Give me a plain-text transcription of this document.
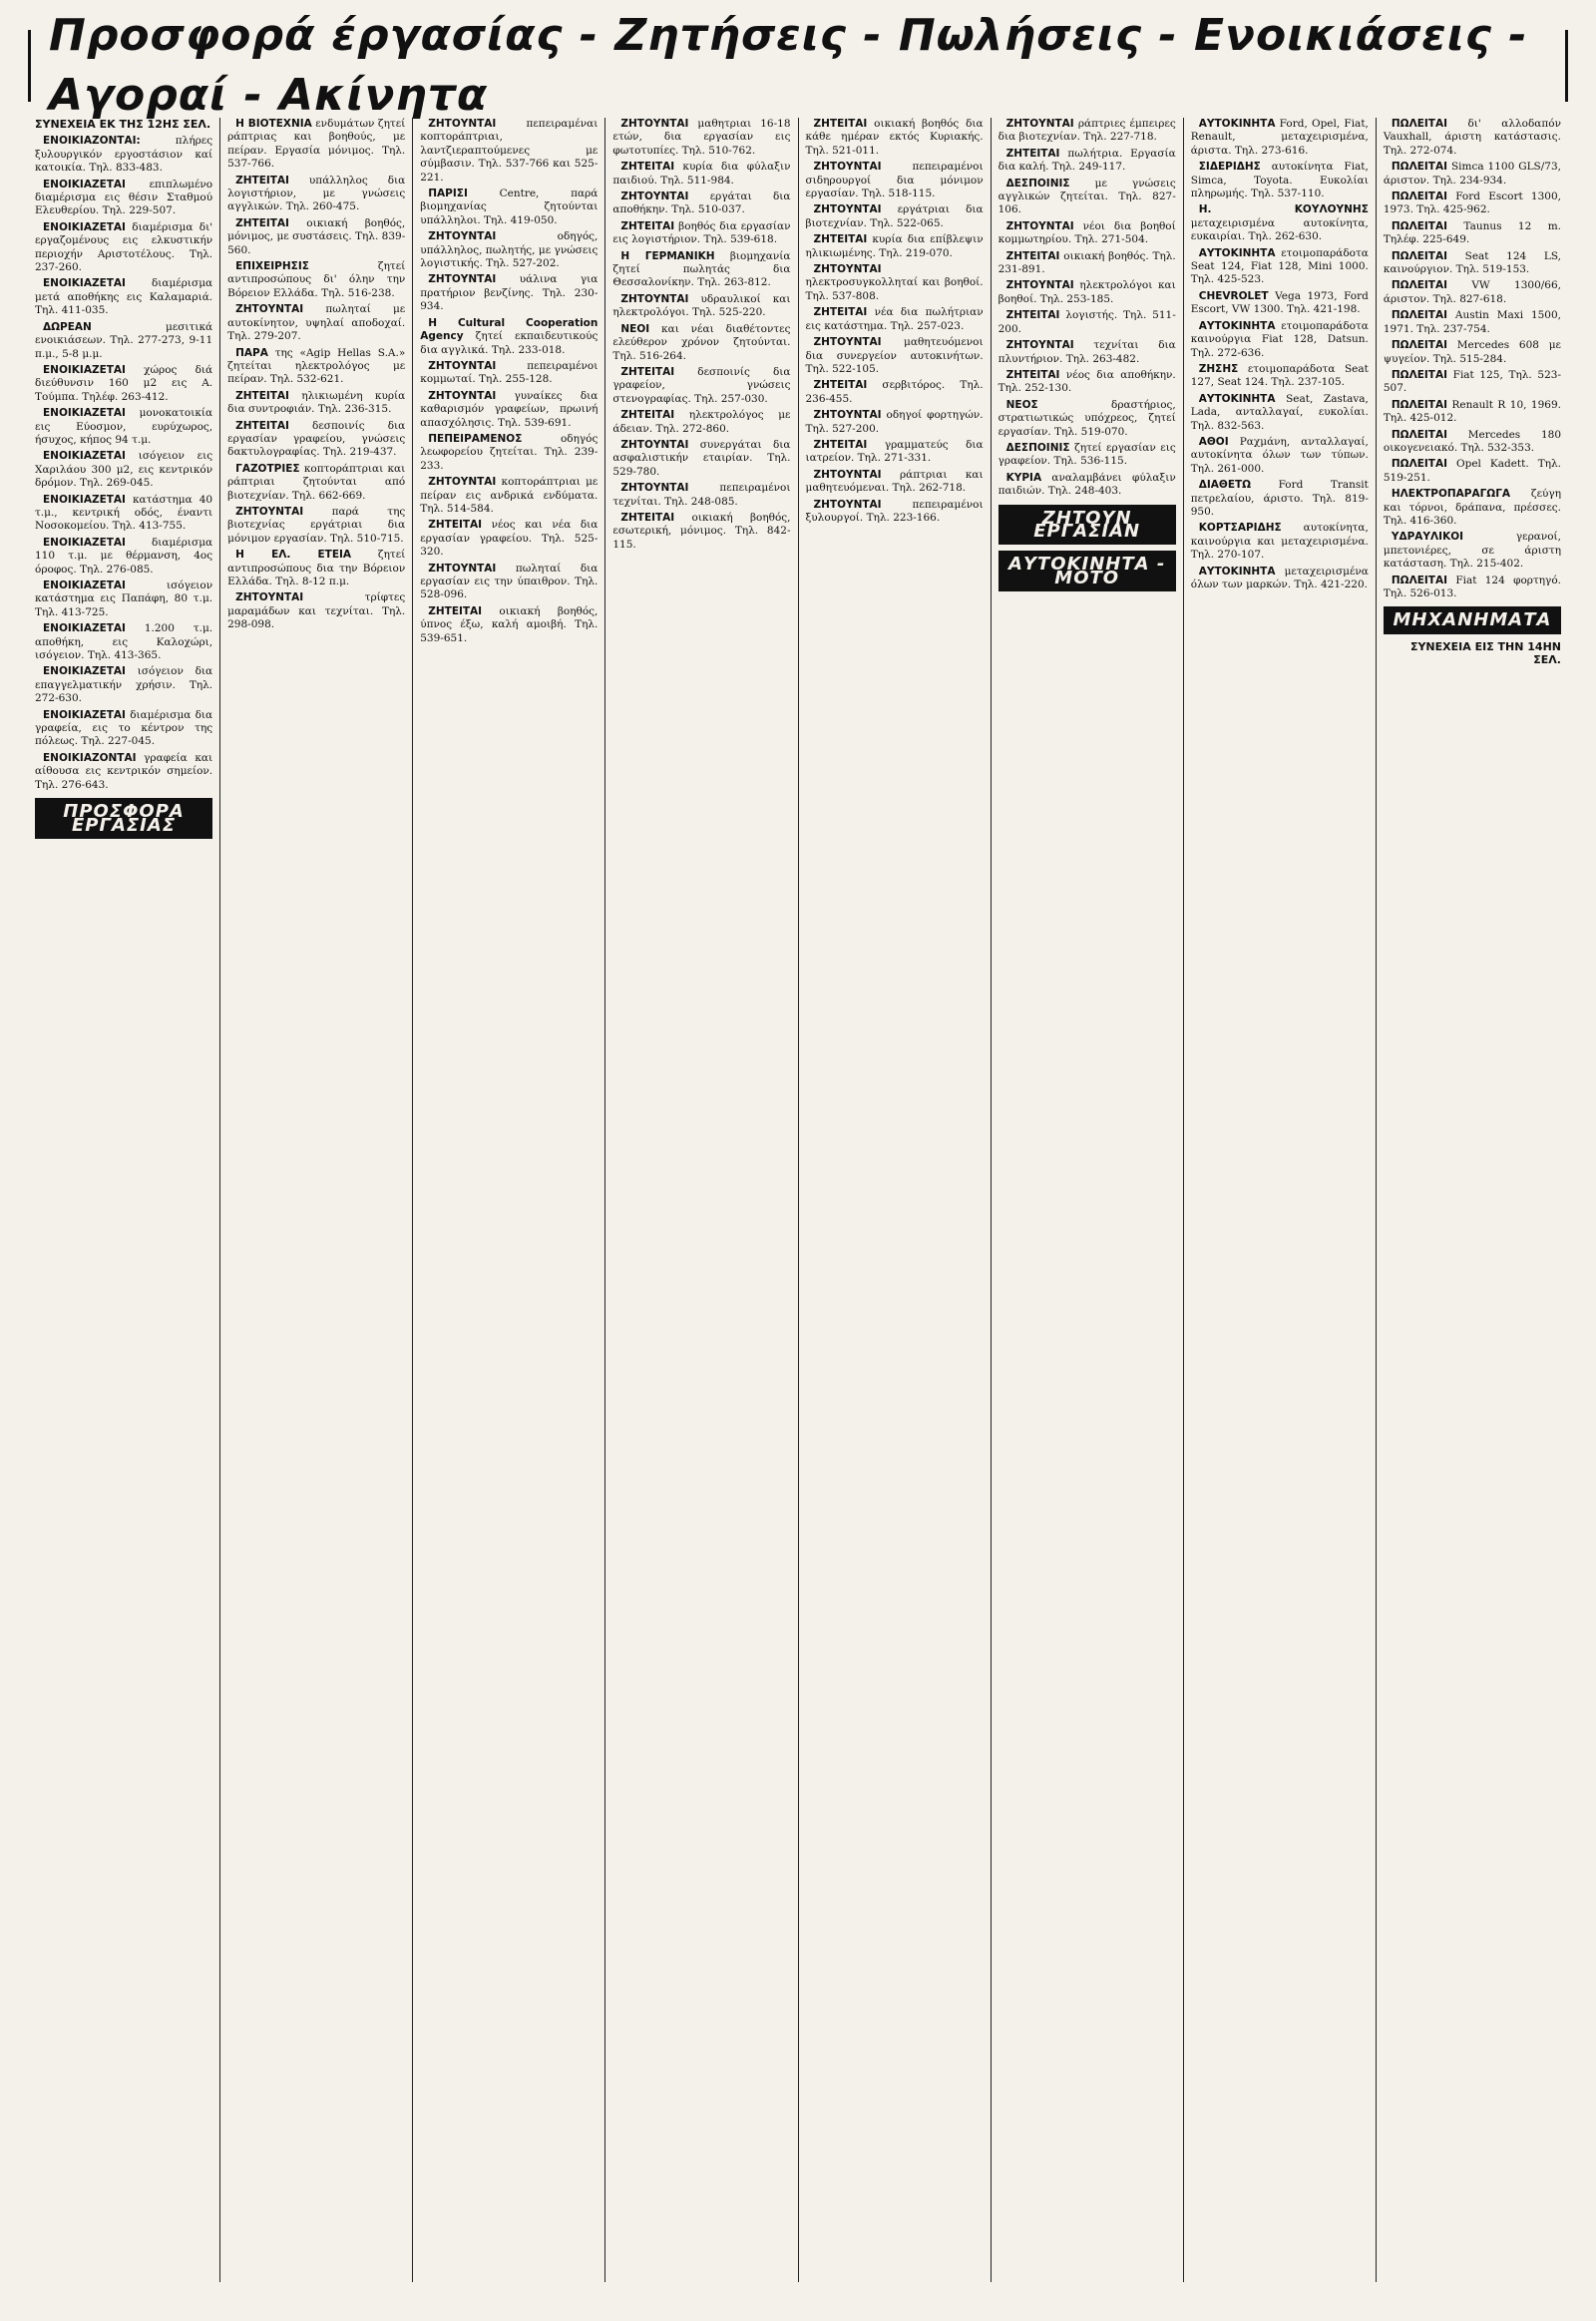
Προσφορά έργασίας - Ζητήσεις - Πωλήσεις - Ενοικιάσεις - Αγοραί - Ακίνητα
ΣΥΝΕΧΕΙΑ ΕΚ ΤΗΣ 12ΗΣ ΣΕΛ.

ΕΝΟΙΚΙΑΖΟΝΤΑΙ: πλήρες ξυλουργικόν εργοστάσιον καί κατοικία. Τηλ. 833-483.

ΕΝΟΙΚΙΑΖΕΤΑΙ επιπλωμένο διαμέρισμα εις θέσιν Σταθμού Ελευθερίου. Τηλ. 229-507.

ΕΝΟΙΚΙΑΖΕΤΑΙ διαμέρισμα δι' εργαζομένους εις ελκυστικήν περιοχήν Αριστοτέλους. Τηλ. 237-260.

ΕΝΟΙΚΙΑΖΕΤΑΙ διαμέρισμα μετά αποθήκης εις Καλαμαριά. Τηλ. 411-035.

ΔΩΡΕΑΝ μεσιτικά ενοικιάσεων. Τηλ. 277-273, 9-11 π.μ., 5-8 μ.μ.

ΕΝΟΙΚΙΑΖΕΤΑΙ χώρος διά διεύθυνσιν 160 μ2 εις Α. Τούμπα. Τηλέφ. 263-412.

ΕΝΟΙΚΙΑΖΕΤΑΙ μονοκατοικία εις Εύοσμον, ευρύχωρος, ήσυχος, κήπος 94 τ.μ.

ΕΝΟΙΚΙΑΖΕΤΑΙ ισόγειον εις Χαριλάου 300 μ2, εις κεντρικόν δρόμον. Τηλ. 269-045.

ΕΝΟΙΚΙΑΖΕΤΑΙ κατάστημα 40 τ.μ., κεντρική οδός, έναντι Νοσοκομείου. Τηλ. 413-755.

ΕΝΟΙΚΙΑΖΕΤΑΙ διαμέρισμα 110 τ.μ. με θέρμανση, 4ος όροφος. Τηλ. 276-085.

ΕΝΟΙΚΙΑΖΕΤΑΙ ισόγειον κατάστημα εις Παπάφη, 80 τ.μ. Τηλ. 413-725.

ΕΝΟΙΚΙΑΖΕΤΑΙ 1.200 τ.μ. αποθήκη, εις Καλοχώρι, ισόγειον. Τηλ. 413-365.

ΕΝΟΙΚΙΑΖΕΤΑΙ ισόγειον δια επαγγελματικήν χρήσιν. Τηλ. 272-630.

ΕΝΟΙΚΙΑΖΕΤΑΙ διαμέρισμα δια γραφεία, εις το κέντρον της πόλεως. Τηλ. 227-045.

ΕΝΟΙΚΙΑΖΟΝΤΑΙ γραφεία και αίθουσα εις κεντρικόν σημείον. Τηλ. 276-643.

ΠΡΟΣΦΟΡΑ ΕΡΓΑΣΙΑΣ

Η ΒΙΟΤΕΧΝΙΑ ενδυμάτων ζητεί ράπτριας και βοηθούς, με πείραν. Εργασία μόνιμος. Τηλ. 537-766.

ΖΗΤΕΙΤΑΙ υπάλληλος δια λογιστήριον, με γνώσεις αγγλικών. Τηλ. 260-475.

ΖΗΤΕΙΤΑΙ οικιακή βοηθός, μόνιμος, με συστάσεις. Τηλ. 839-560.

ΕΠΙΧΕΙΡΗΣΙΣ ζητεί αντιπροσώπους δι' όλην την Βόρειον Ελλάδα. Τηλ. 516-238.

ΖΗΤΟΥΝΤΑΙ πωληταί με αυτοκίνητον, υψηλαί αποδοχαί. Τηλ. 279-207.

ΠΑΡΑ της «Agip Hellas S.A.» ζητείται ηλεκτρολόγος με πείραν. Τηλ. 532-621.

ΖΗΤΕΙΤΑΙ ηλικιωμένη κυρία δια συντροφιάν. Τηλ. 236-315.

ΖΗΤΕΙΤΑΙ δεσποινίς δια εργασίαν γραφείου, γνώσεις δακτυλογραφίας. Τηλ. 219-437.

ΓΑΖΟΤΡΙΕΣ κοπτοράπτριαι και ράπτριαι ζητούνται από βιοτεχνίαν. Τηλ. 662-669.

ΖΗΤΟΥΝΤΑΙ παρά της βιοτεχνίας εργάτριαι δια μόνιμον εργασίαν. Τηλ. 510-715.

Η ΕΛ. ΕΤΕΙΑ ζητεί αντιπροσώπους δια την Βόρειον Ελλάδα. Τηλ. 8-12 π.μ.

ΖΗΤΟΥΝΤΑΙ τρίφτες μαραμάδων και τεχνίται. Τηλ. 298-098.

ΖΗΤΟΥΝΤΑΙ πεπειραμέναι κοπτοράπτριαι, λαντζιεραπτούμενες με σύμβασιν. Τηλ. 537-766 και 525-221.

ΠΑΡΙΣΙ Centre, παρά βιομηχανίας ζητούνται υπάλληλοι. Τηλ. 419-050.

ΖΗΤΟΥΝΤΑΙ οδηγός, υπάλληλος, πωλητής, με γνώσεις λογιστικής. Τηλ. 527-202.

ΖΗΤΟΥΝΤΑΙ υάλινα για πρατήριον βενζίνης. Τηλ. 230-934.

Η Cultural Cooperation Agency ζητεί εκπαιδευτικούς δια αγγλικά. Τηλ. 233-018.

ΖΗΤΟΥΝΤΑΙ πεπειραμένοι κομμωταί. Τηλ. 255-128.

ΖΗΤΟΥΝΤΑΙ γυναίκες δια καθαρισμόν γραφείων, πρωινή απασχόλησις. Τηλ. 539-691.

ΠΕΠΕΙΡΑΜΕΝΟΣ οδηγός λεωφορείου ζητείται. Τηλ. 239-233.

ΖΗΤΟΥΝΤΑΙ κοπτοράπτριαι με πείραν εις ανδρικά ενδύματα. Τηλ. 514-584.

ΖΗΤΕΙΤΑΙ νέος και νέα δια εργασίαν γραφείου. Τηλ. 525-320.

ΖΗΤΟΥΝΤΑΙ πωληταί δια εργασίαν εις την ύπαιθρον. Τηλ. 528-096.

ΖΗΤΕΙΤΑΙ οικιακή βοηθός, ύπνος έξω, καλή αμοιβή. Τηλ. 539-651.

ΖΗΤΟΥΝΤΑΙ μαθητριαι 16-18 ετών, δια εργασίαν εις φωτοτυπίες. Τηλ. 510-762.

ΖΗΤΕΙΤΑΙ κυρία δια φύλαξιν παιδιού. Τηλ. 511-984.

ΖΗΤΟΥΝΤΑΙ εργάται δια αποθήκην. Τηλ. 510-037.

ΖΗΤΕΙΤΑΙ βοηθός δια εργασίαν εις λογιστήριον. Τηλ. 539-618.

Η ΓΕΡΜΑΝΙΚΗ βιομηχανία ζητεί πωλητάς δια Θεσσαλονίκην. Τηλ. 263-812.

ΖΗΤΟΥΝΤΑΙ υδραυλικοί και ηλεκτρολόγοι. Τηλ. 525-220.

ΝΕΟΙ και νέαι διαθέτοντες ελεύθερον χρόνον ζητούνται. Τηλ. 516-264.

ΖΗΤΕΙΤΑΙ δεσποινίς δια γραφείον, γνώσεις στενογραφίας. Τηλ. 257-030.

ΖΗΤΕΙΤΑΙ ηλεκτρολόγος με άδειαν. Τηλ. 272-860.

ΖΗΤΟΥΝΤΑΙ συνεργάται δια ασφαλιστικήν εταιρίαν. Τηλ. 529-780.

ΖΗΤΟΥΝΤΑΙ πεπειραμένοι τεχνίται. Τηλ. 248-085.

ΖΗΤΕΙΤΑΙ οικιακή βοηθός, εσωτερική, μόνιμος. Τηλ. 842-115.

ΖΗΤΕΙΤΑΙ οικιακή βοηθός δια κάθε ημέραν εκτός Κυριακής. Τηλ. 521-011.

ΖΗΤΟΥΝΤΑΙ πεπειραμένοι σιδηρουργοί δια μόνιμον εργασίαν. Τηλ. 518-115.

ΖΗΤΟΥΝΤΑΙ εργάτριαι δια βιοτεχνίαν. Τηλ. 522-065.

ΖΗΤΕΙΤΑΙ κυρία δια επίβλεψιν ηλικιωμένης. Τηλ. 219-070.

ΖΗΤΟΥΝΤΑΙ ηλεκτροσυγκολληταί και βοηθοί. Τηλ. 537-808.

ΖΗΤΕΙΤΑΙ νέα δια πωλήτριαν εις κατάστημα. Τηλ. 257-023.

ΖΗΤΟΥΝΤΑΙ μαθητευόμενοι δια συνεργείον αυτοκινήτων. Τηλ. 522-105.

ΖΗΤΕΙΤΑΙ σερβιτόρος. Τηλ. 236-455.

ΖΗΤΟΥΝΤΑΙ οδηγοί φορτηγών. Τηλ. 527-200.

ΖΗΤΕΙΤΑΙ γραμματεύς δια ιατρείον. Τηλ. 271-331.

ΖΗΤΟΥΝΤΑΙ ράπτριαι και μαθητευόμεναι. Τηλ. 262-718.

ΖΗΤΟΥΝΤΑΙ πεπειραμένοι ξυλουργοί. Τηλ. 223-166.

ΖΗΤΟΥΝΤΑΙ ράπτριες έμπειρες δια βιοτεχνίαν. Τηλ. 227-718.

ΖΗΤΕΙΤΑΙ πωλήτρια. Εργασία δια καλή. Τηλ. 249-117.

ΔΕΣΠΟΙΝΙΣ με γνώσεις αγγλικών ζητείται. Τηλ. 827-106.

ΖΗΤΟΥΝΤΑΙ νέοι δια βοηθοί κομμωτηρίου. Τηλ. 271-504.

ΖΗΤΕΙΤΑΙ οικιακή βοηθός. Τηλ. 231-891.

ΖΗΤΟΥΝΤΑΙ ηλεκτρολόγοι και βοηθοί. Τηλ. 253-185.

ΖΗΤΕΙΤΑΙ λογιστής. Τηλ. 511-200.

ΖΗΤΟΥΝΤΑΙ τεχνίται δια πλυντήριον. Τηλ. 263-482.

ΖΗΤΕΙΤΑΙ νέος δια αποθήκην. Τηλ. 252-130.

ΝΕΟΣ δραστήριος, στρατιωτικώς υπόχρεος, ζητεί εργασίαν. Τηλ. 519-070.

ΔΕΣΠΟΙΝΙΣ ζητεί εργασίαν εις γραφείον. Τηλ. 536-115.

ΚΥΡΙΑ αναλαμβάνει φύλαξιν παιδιών. Τηλ. 248-403.

ΖΗΤΟΥΝ ΕΡΓΑΣΙΑΝ
ΑΥΤΟΚΙΝΗΤΑ - ΜΟΤΟ

ΑΥΤΟΚΙΝΗΤΑ Ford, Opel, Fiat, Renault, μεταχειρισμένα, άριστα. Τηλ. 273-616.

ΣΙΔΕΡΙΔΗΣ αυτοκίνητα Fiat, Simca, Toyota. Ευκολίαι πληρωμής. Τηλ. 537-110.

Η. ΚΟΥΛΟΥΝΗΣ μεταχειρισμένα αυτοκίνητα, ευκαιρίαι. Τηλ. 262-630.

ΑΥΤΟΚΙΝΗΤΑ ετοιμοπαράδοτα Seat 124, Fiat 128, Mini 1000. Τηλ. 425-523.

CHEVROLET Vega 1973, Ford Escort, VW 1300. Τηλ. 421-198.

ΑΥΤΟΚΙΝΗΤΑ ετοιμοπαράδοτα καινούργια Fiat 128, Datsun. Τηλ. 272-636.

ΖΗΣΗΣ ετοιμοπαράδοτα Seat 127, Seat 124. Τηλ. 237-105.

ΑΥΤΟΚΙΝΗΤΑ Seat, Zastava, Lada, ανταλλαγαί, ευκολίαι. Τηλ. 832-563.

ΑΘΟΙ Ραχμάνη, ανταλλαγαί, αυτοκίνητα όλων των τύπων. Τηλ. 261-000.

ΔΙΑΘΕΤΩ Ford Transit πετρελαίου, άριστο. Τηλ. 819-950.

ΚΟΡΤΣΑΡΙΔΗΣ αυτοκίνητα, καινούργια και μεταχειρισμένα. Τηλ. 270-107.

ΑΥΤΟΚΙΝΗΤΑ μεταχειρισμένα όλων των μαρκών. Τηλ. 421-220.

ΠΩΛΕΙΤΑΙ δι' αλλοδαπόν Vauxhall, άριστη κατάστασις. Τηλ. 272-074.

ΠΩΛΕΙΤΑΙ Simca 1100 GLS/73, άριστον. Τηλ. 234-934.

ΠΩΛΕΙΤΑΙ Ford Escort 1300, 1973. Τηλ. 425-962.

ΠΩΛΕΙΤΑΙ Taunus 12 m. Τηλέφ. 225-649.

ΠΩΛΕΙΤΑΙ Seat 124 LS, καινούργιον. Τηλ. 519-153.

ΠΩΛΕΙΤΑΙ VW 1300/66, άριστον. Τηλ. 827-618.

ΠΩΛΕΙΤΑΙ Austin Maxi 1500, 1971. Τηλ. 237-754.

ΠΩΛΕΙΤΑΙ Mercedes 608 με ψυγείον. Τηλ. 515-284.

ΠΩΛΕΙΤΑΙ Fiat 125, Τηλ. 523-507.

ΠΩΛΕΙΤΑΙ Renault R 10, 1969. Τηλ. 425-012.

ΠΩΛΕΙΤΑΙ Mercedes 180 οικογενειακό. Τηλ. 532-353.

ΠΩΛΕΙΤΑΙ Opel Kadett. Τηλ. 519-251.

ΗΛΕΚΤΡΟΠΑΡΑΓΩΓΑ ζεύγη και τόρνοι, δράπανα, πρέσσες. Τηλ. 416-360.

ΥΔΡΑΥΛΙΚΟΙ γερανοί, μπετονιέρες, σε άριστη κατάσταση. Τηλ. 215-402.

ΠΩΛΕΙΤΑΙ Fiat 124 φορτηγό. Τηλ. 526-013.

ΜΗΧΑΝΗΜΑΤΑ
ΣΥΝΕΧΕΙΑ ΕΙΣ ΤΗΝ 14ΗΝ ΣΕΛ.
